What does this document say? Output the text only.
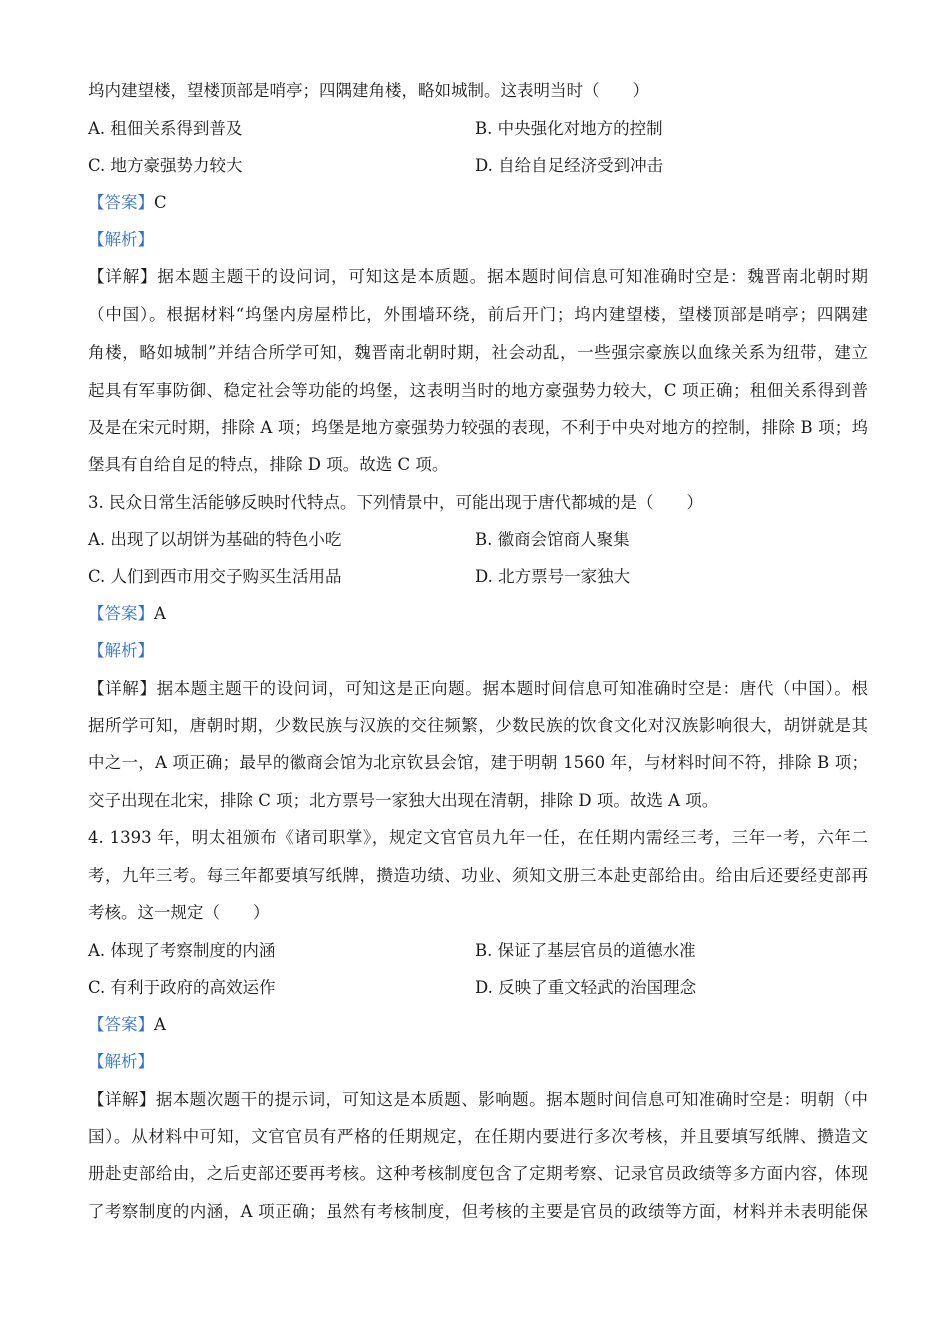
坞内建望楼，望楼顶部是哨亭；四隅建角楼，略如城制。这表明当时（　　）
A. 租佃关系得到普及	B. 中央强化对地方的控制
C. 地方豪强势力较大	D. 自给自足经济受到冲击
【答案】C
【解析】
【详解】据本题主题干的设问词，可知这是本质题。据本题时间信息可知准确时空是：魏晋南北朝时期
（中国）。根据材料“坞堡内房屋栉比，外围墙环绕，前后开门；坞内建望楼，望楼顶部是哨亭；四隅建
角楼，略如城制”并结合所学可知，魏晋南北朝时期，社会动乱，一些强宗豪族以血缘关系为纽带，建立
起具有军事防御、稳定社会等功能的坞堡，这表明当时的地方豪强势力较大，C 项正确；租佃关系得到普
及是在宋元时期，排除 A 项；坞堡是地方豪强势力较强的表现，不利于中央对地方的控制，排除 B 项；坞
堡具有自给自足的特点，排除 D 项。故选 C 项。
3. 民众日常生活能够反映时代特点。下列情景中，可能出现于唐代都城的是（　　）
A. 出现了以胡饼为基础的特色小吃	B. 徽商会馆商人聚集
C. 人们到西市用交子购买生活用品	D. 北方票号一家独大
【答案】A
【解析】
【详解】据本题主题干的设问词，可知这是正向题。据本题时间信息可知准确时空是：唐代（中国）。根
据所学可知，唐朝时期，少数民族与汉族的交往频繁，少数民族的饮食文化对汉族影响很大，胡饼就是其
中之一，A 项正确；最早的徽商会馆为北京钦县会馆，建于明朝 1560 年，与材料时间不符，排除 B 项；
交子出现在北宋，排除 C 项；北方票号一家独大出现在清朝，排除 D 项。故选 A 项。
4. 1393 年，明太祖颁布《诸司职掌》，规定文官官员九年一任，在任期内需经三考，三年一考，六年二
考，九年三考。每三年都要填写纸牌，攒造功绩、功业、须知文册三本赴吏部给由。给由后还要经吏部再
考核。这一规定（　　）
A. 体现了考察制度的内涵	B. 保证了基层官员的道德水准
C. 有利于政府的高效运作	D. 反映了重文轻武的治国理念
【答案】A
【解析】
【详解】据本题次题干的提示词，可知这是本质题、影响题。据本题时间信息可知准确时空是：明朝（中
国）。从材料中可知，文官官员有严格的任期规定，在任期内要进行多次考核，并且要填写纸牌、攒造文
册赴吏部给由，之后吏部还要再考核。这种考核制度包含了定期考察、记录官员政绩等多方面内容，体现
了考察制度的内涵，A 项正确；虽然有考核制度，但考核的主要是官员的政绩等方面，材料并未表明能保
